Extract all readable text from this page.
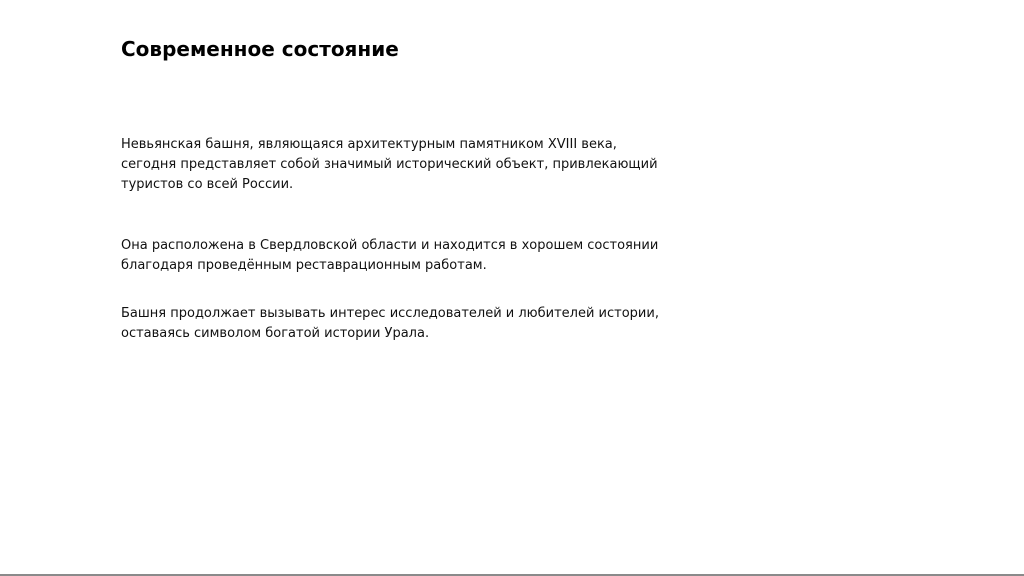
Современное состояние

Невьянская башня, являющаяся архитектурным памятником XVIII века, сегодня представляет собой значимый исторический объект, привлекающий туристов со всей России.

Она расположена в Свердловской области и находится в хорошем состоянии благодаря проведённым реставрационным работам.

Башня продолжает вызывать интерес исследователей и любителей истории, оставаясь символом богатой истории Урала.
